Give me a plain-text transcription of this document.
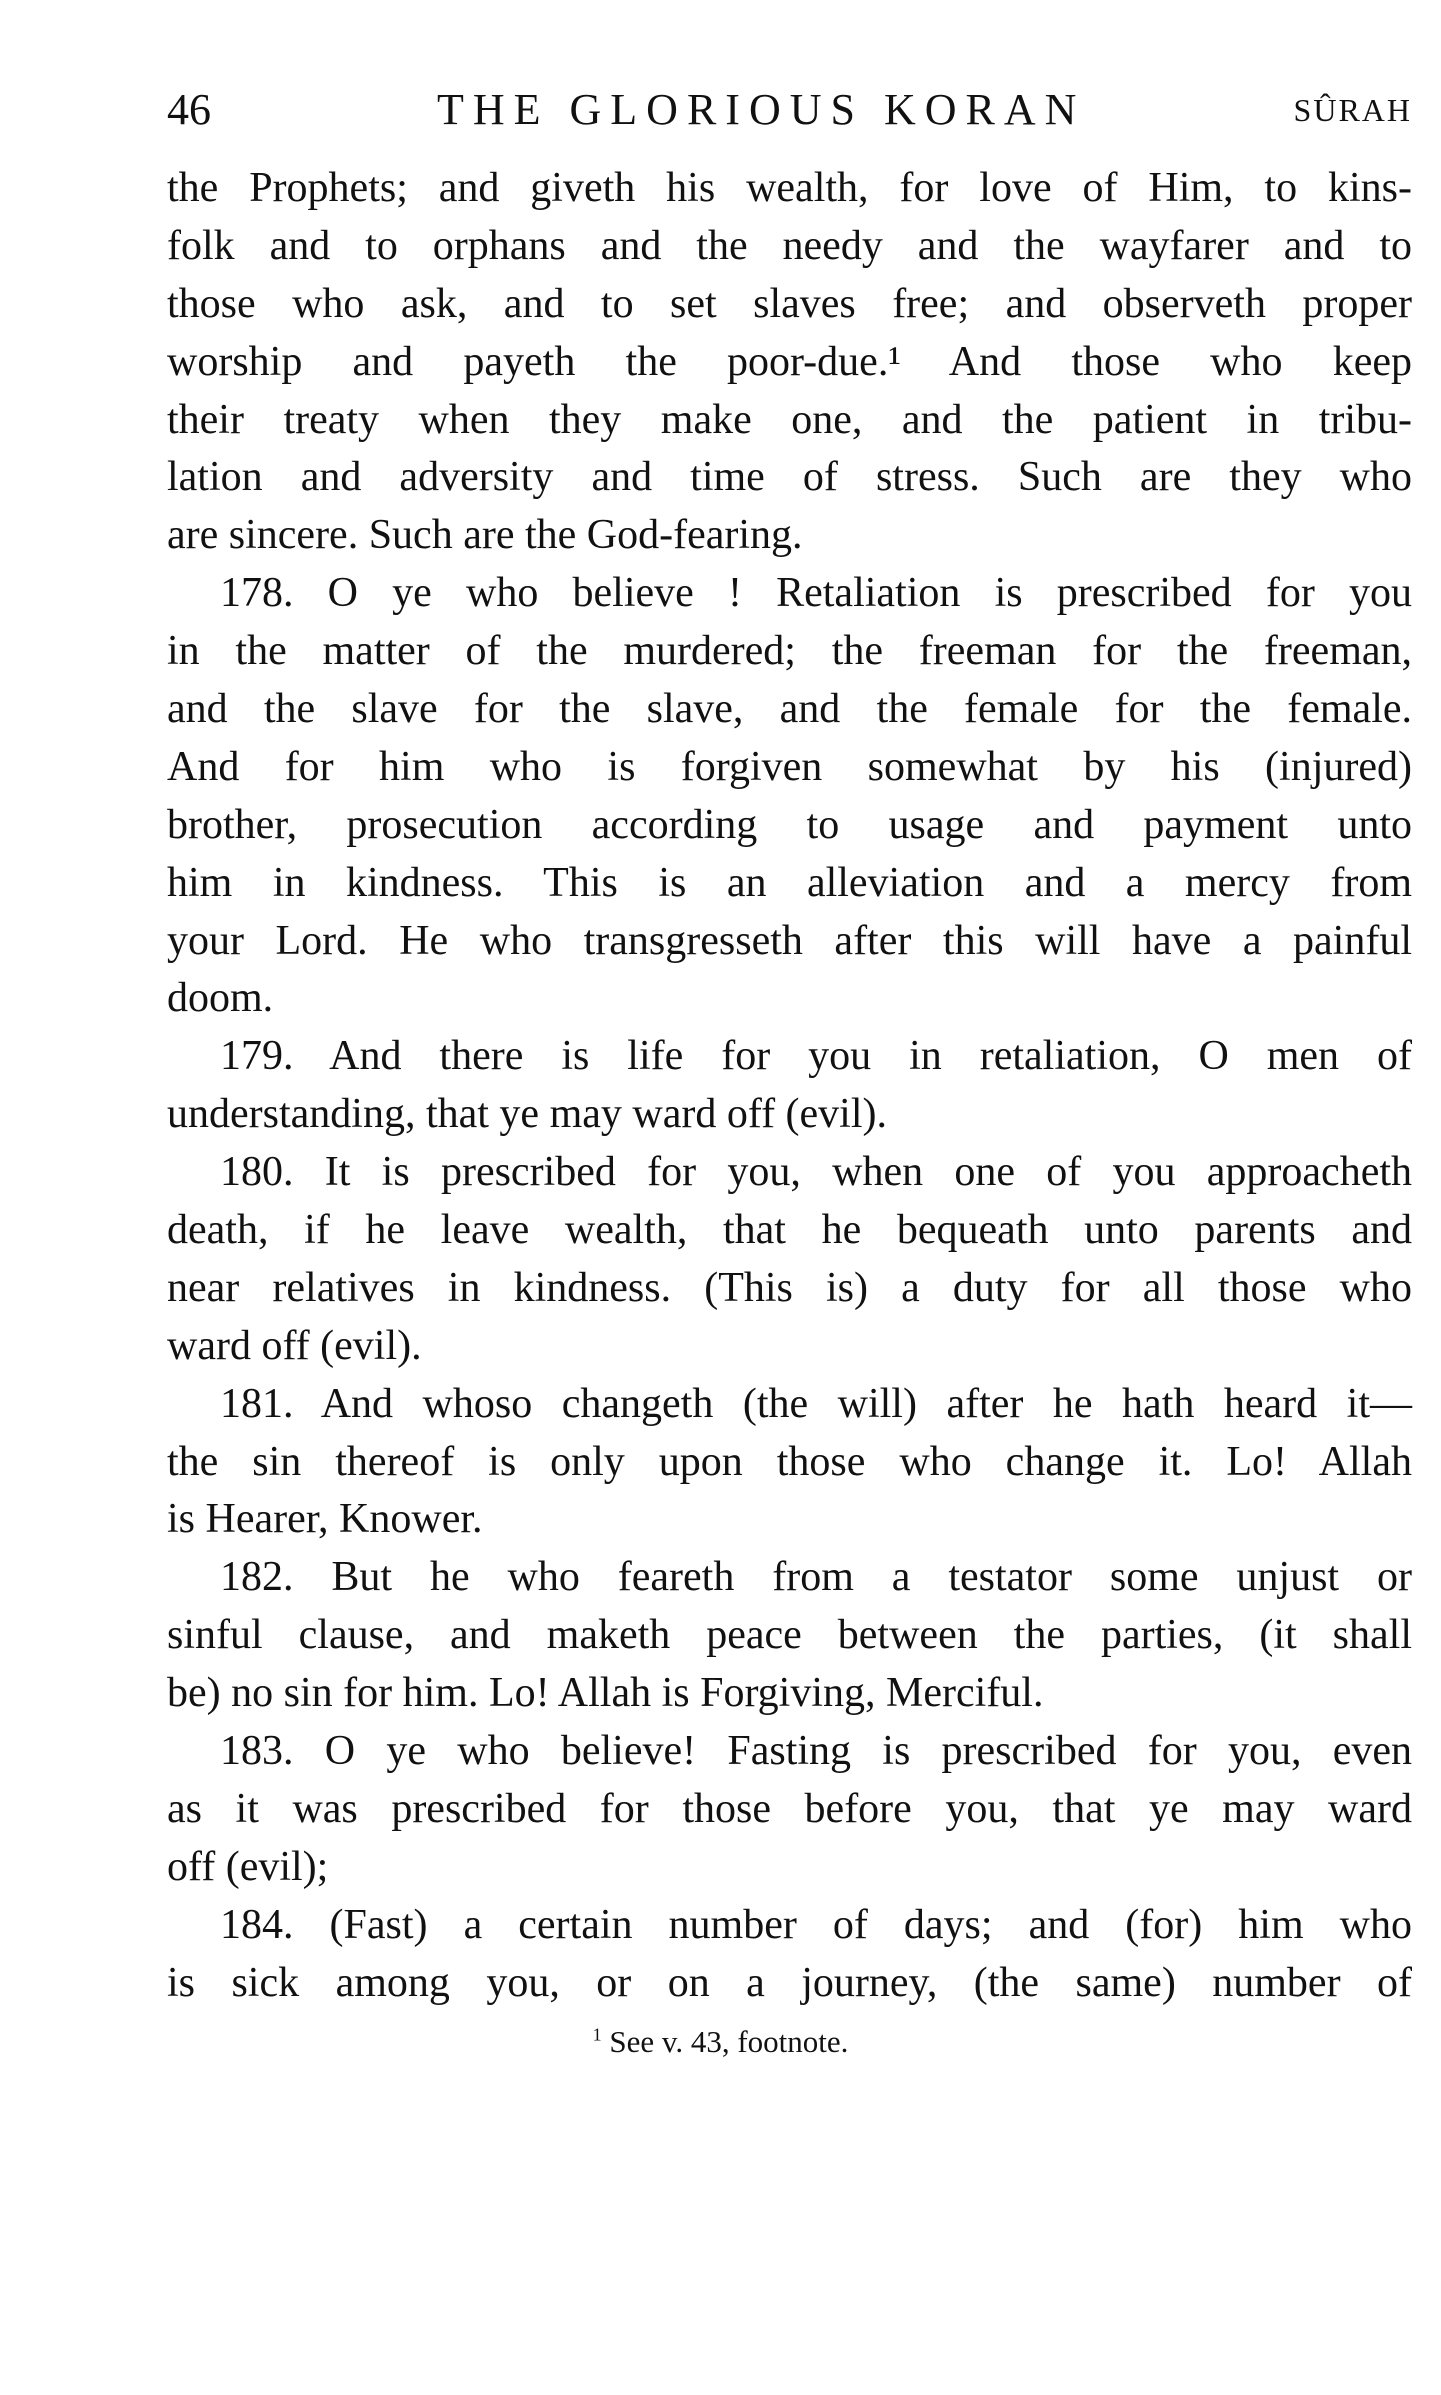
46	THE GLORIOUS KORAN	SÛRAH
the Prophets; and giveth his wealth, for love of Him, to kins-
folk and to orphans and the needy and the wayfarer and to
those who ask, and to set slaves free; and observeth proper
worship and payeth the poor-due.¹ And those who keep
their treaty when they make one, and the patient in tribu-
lation and adversity and time of stress. Such are they who
are sincere. Such are the God-fearing.
178. O ye who believe ! Retaliation is prescribed for you
in the matter of the murdered; the freeman for the freeman,
and the slave for the slave, and the female for the female.
And for him who is forgiven somewhat by his (injured)
brother, prosecution according to usage and payment unto
him in kindness. This is an alleviation and a mercy from
your Lord. He who transgresseth after this will have a painful
doom.
179. And there is life for you in retaliation, O men of
understanding, that ye may ward off (evil).
180. It is prescribed for you, when one of you approacheth
death, if he leave wealth, that he bequeath unto parents and
near relatives in kindness. (This is) a duty for all those who
ward off (evil).
181. And whoso changeth (the will) after he hath heard it—
the sin thereof is only upon those who change it. Lo! Allah
is Hearer, Knower.
182. But he who feareth from a testator some unjust or
sinful clause, and maketh peace between the parties, (it shall
be) no sin for him. Lo! Allah is Forgiving, Merciful.
183. O ye who believe! Fasting is prescribed for you, even
as it was prescribed for those before you, that ye may ward
off (evil);
184. (Fast) a certain number of days; and (for) him who
is sick among you, or on a journey, (the same) number of
$^1$ See v. 43, footnote.
